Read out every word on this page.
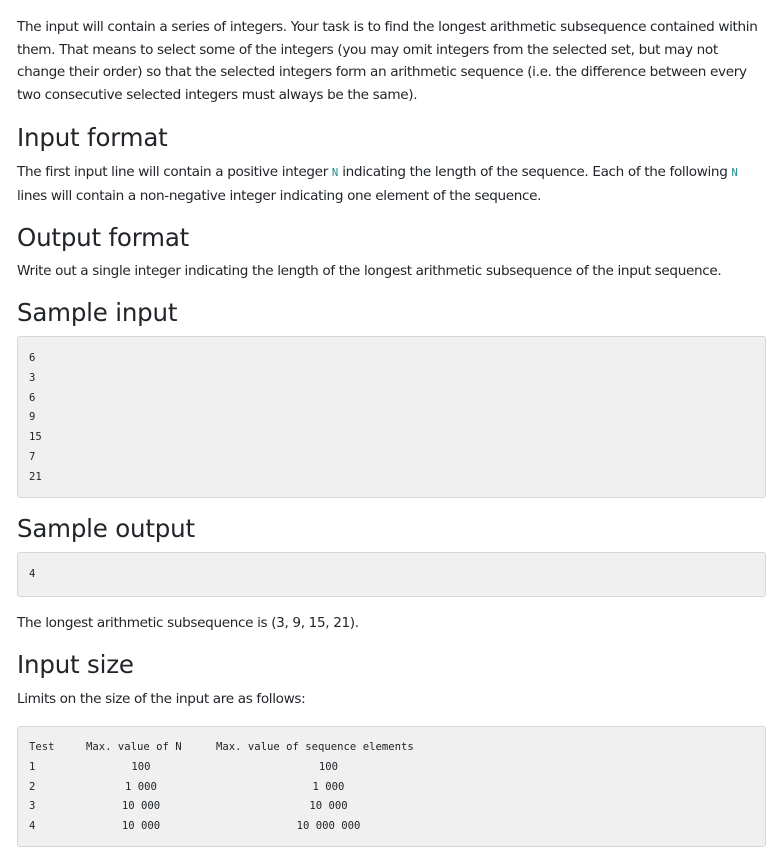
The input will contain a series of integers. Your task is to find the longest arithmetic subsequence contained within them. That means to select some of the integers (you may omit integers from the selected set, but may not change their order) so that the selected integers form an arithmetic sequence (i.e. the difference between every two consecutive selected integers must always be the same).

Input format

The first input line will contain a positive integer N indicating the length of the sequence. Each of the following N lines will contain a non-negative integer indicating one element of the sequence.

Output format

Write out a single integer indicating the length of the longest arithmetic subsequence of the input sequence.

Sample input
6
3
6
9
15
7
21
Sample output
4

The longest arithmetic subsequence is (3, 9, 15, 21).

Input size

Limits on the size of the input are as follows:

Test	Max. value of N	Max. value of sequence elements
1	100	100
2	1 000	1 000
3	10 000	10 000
4	10 000	10 000 000
